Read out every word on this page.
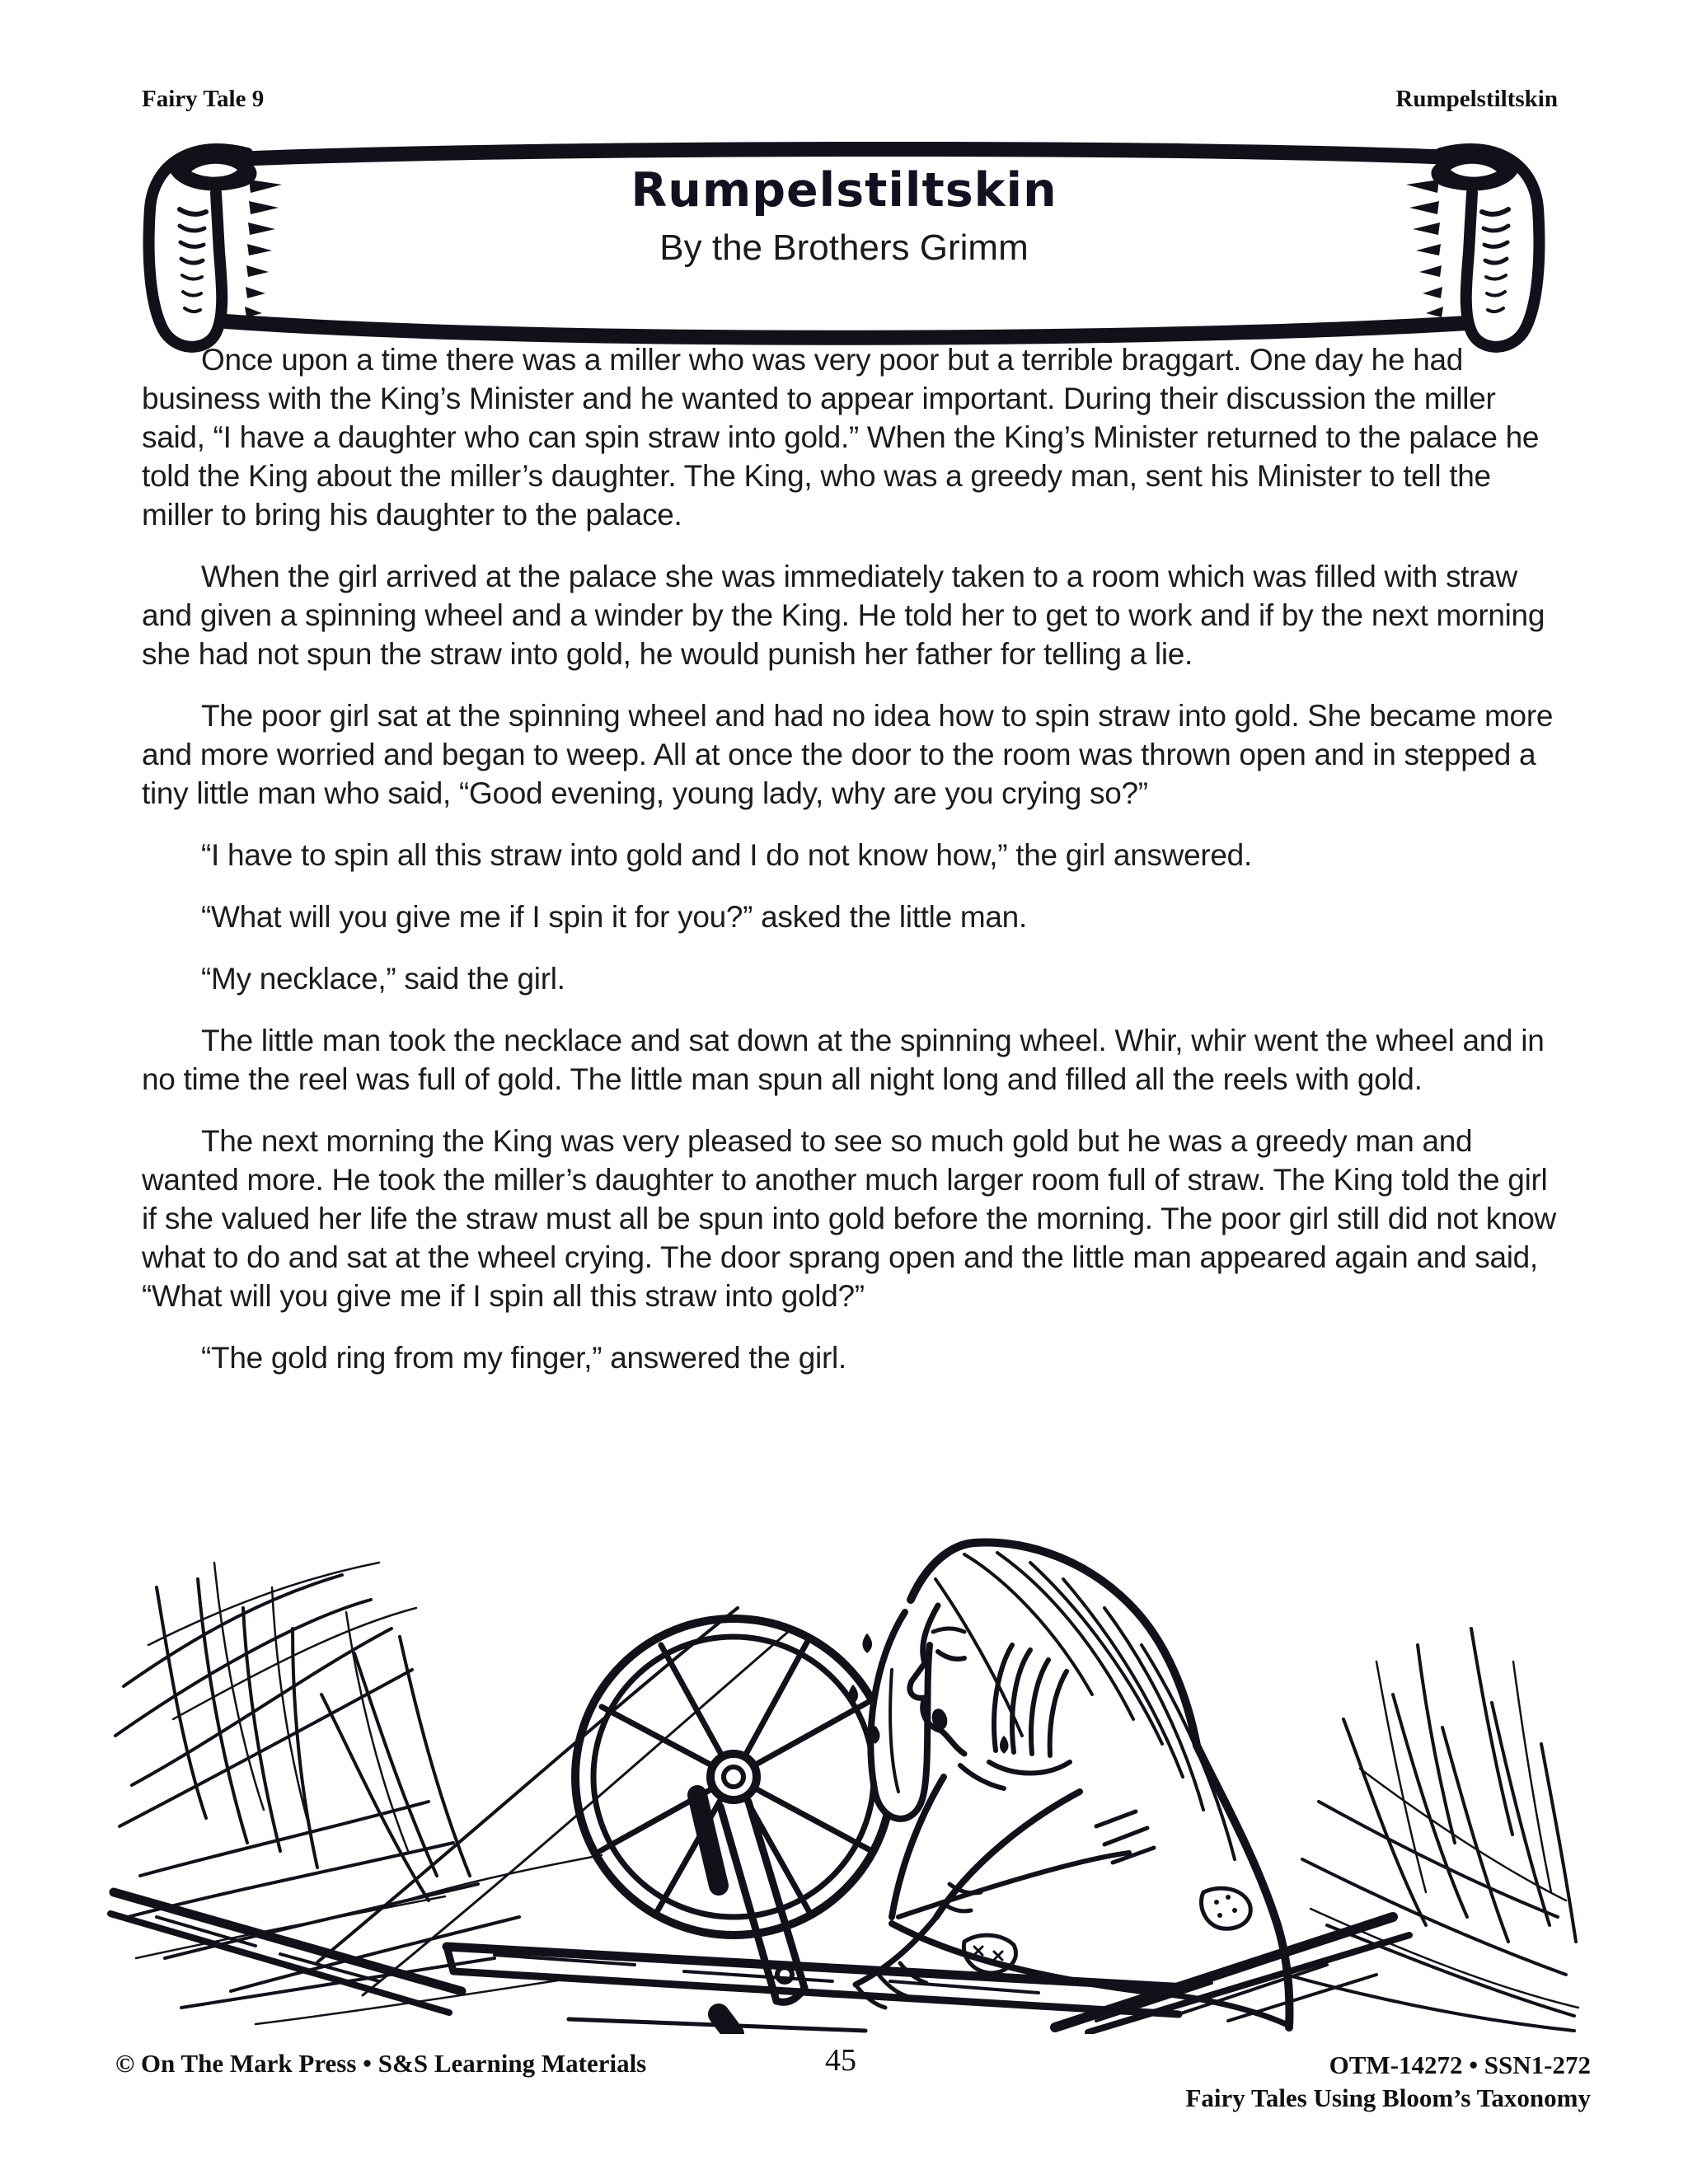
Fairy Tale 9	Rumpelstiltskin
Rumpelstiltskin
By the Brothers Grimm

Once upon a time there was a miller who was very poor but a terrible braggart. One day he had business with the King’s Minister and he wanted to appear important. During their discussion the miller said, “I have a daughter who can spin straw into gold.” When the King’s Minister returned to the palace he told the King about the miller’s daughter. The King, who was a greedy man, sent his Minister to tell the miller to bring his daughter to the palace.

When the girl arrived at the palace she was immediately taken to a room which was filled with straw and given a spinning wheel and a winder by the King. He told her to get to work and if by the next morning she had not spun the straw into gold, he would punish her father for telling a lie.

The poor girl sat at the spinning wheel and had no idea how to spin straw into gold. She became more and more worried and began to weep. All at once the door to the room was thrown open and in stepped a tiny little man who said, “Good evening, young lady, why are you crying so?”

“I have to spin all this straw into gold and I do not know how,” the girl answered.

“What will you give me if I spin it for you?” asked the little man.

“My necklace,” said the girl.

The little man took the necklace and sat down at the spinning wheel. Whir, whir went the wheel and in no time the reel was full of gold. The little man spun all night long and filled all the reels with gold.

The next morning the King was very pleased to see so much gold but he was a greedy man and wanted more. He took the miller’s daughter to another much larger room full of straw. The King told the girl if she valued her life the straw must all be spun into gold before the morning. The poor girl still did not know what to do and sat at the wheel crying. The door sprang open and the little man appeared again and said, “What will you give me if I spin all this straw into gold?”

“The gold ring from my finger,” answered the girl.

© On The Mark Press • S&S Learning Materials	45	OTM-14272 • SSN1-272
Fairy Tales Using Bloom’s Taxonomy
